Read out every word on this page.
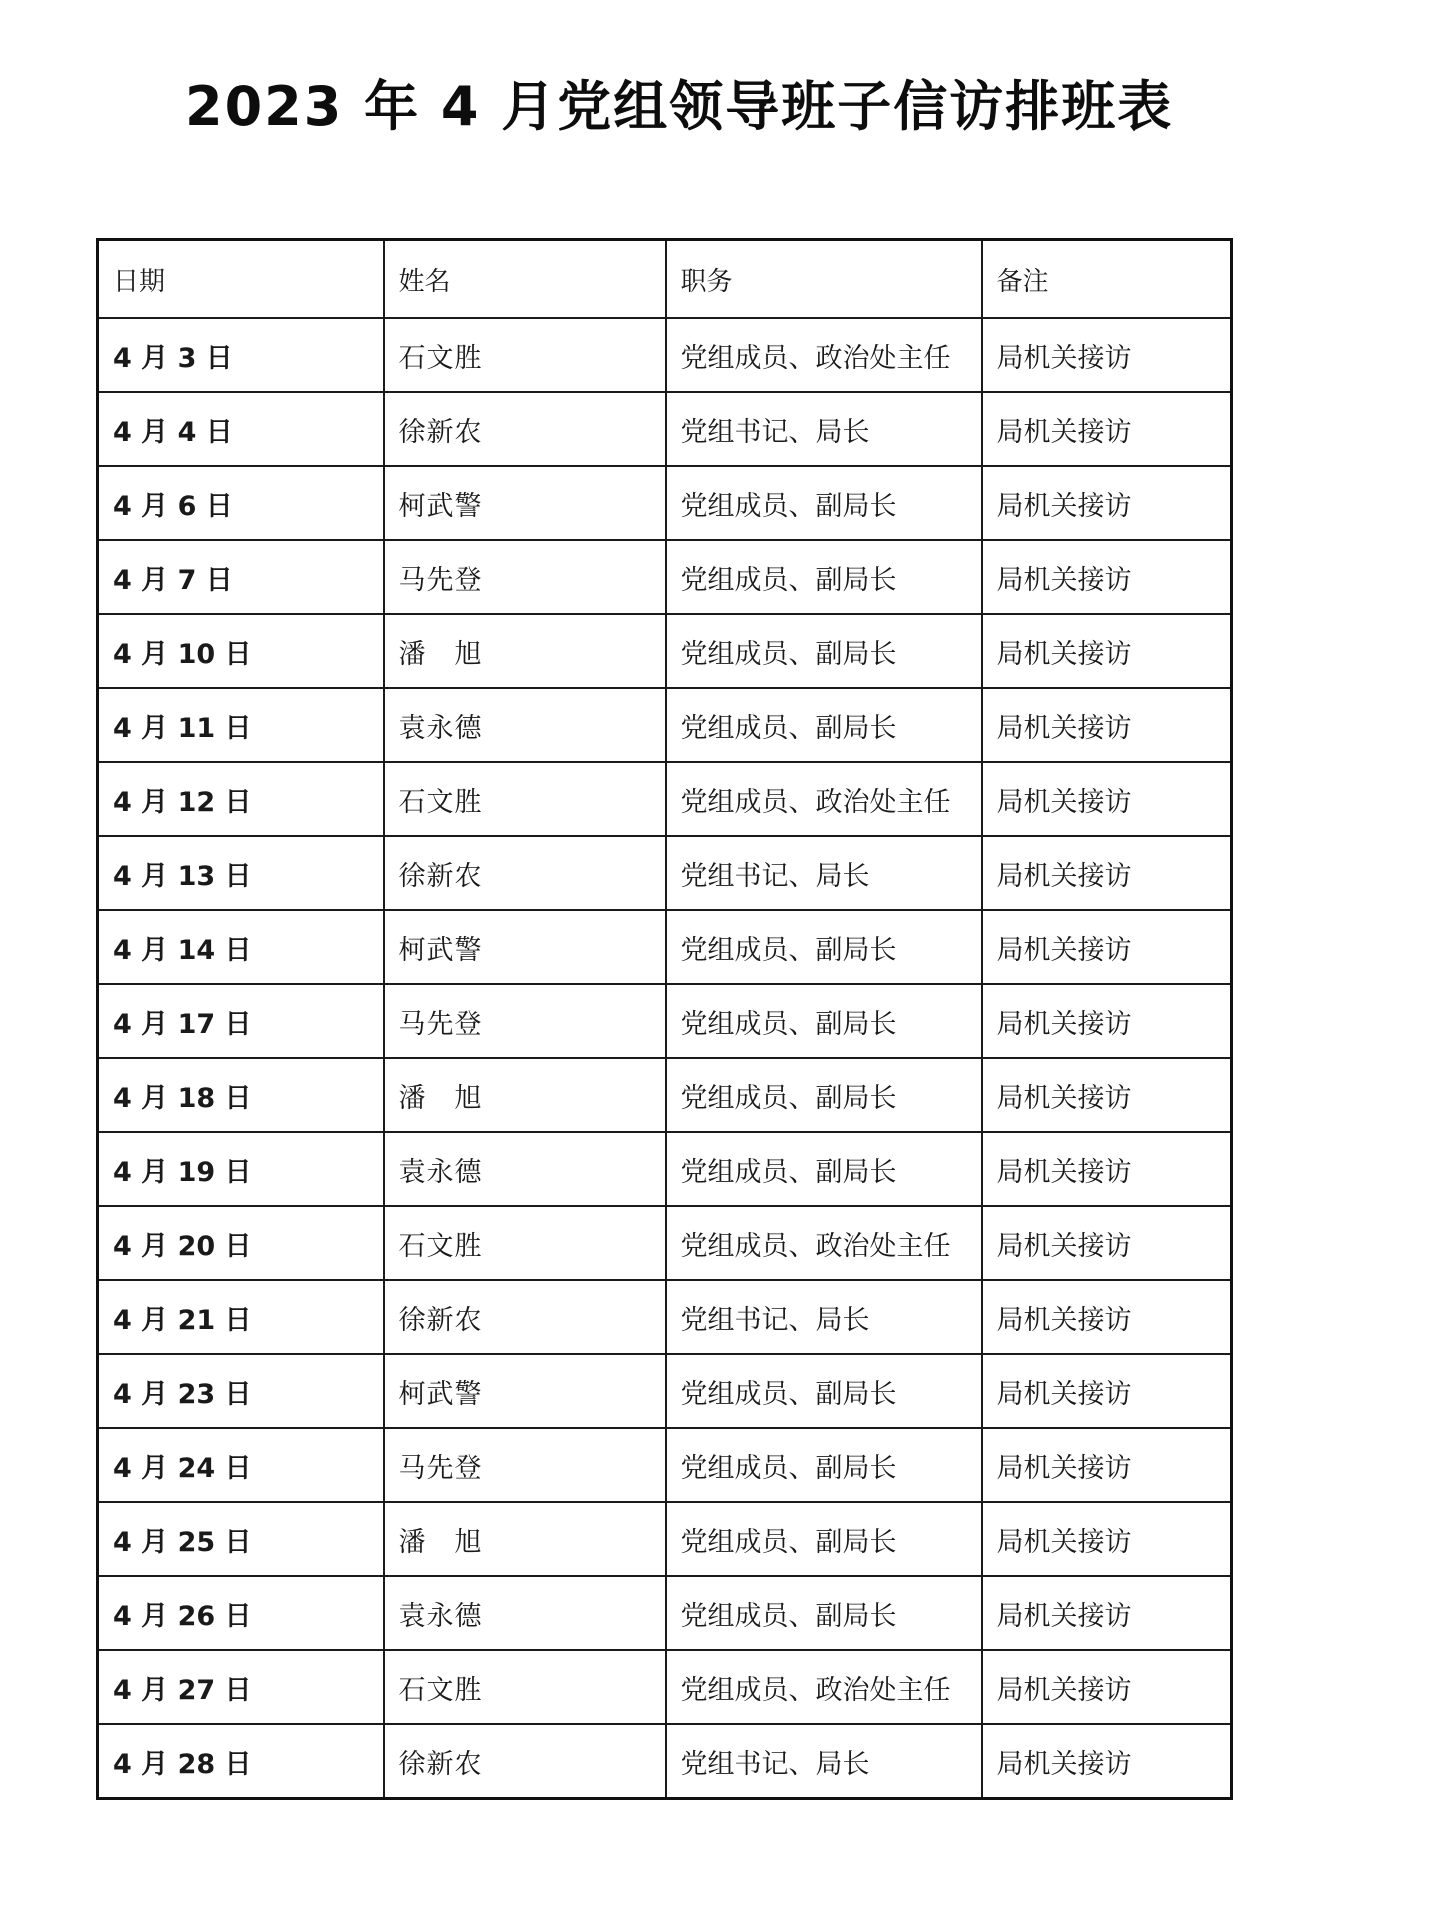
2023 年 4 月党组领导班子信访排班表
日期	姓名	职务	备注
4 月 3 日	石文胜	党组成员、政治处主任	局机关接访
4 月 4 日	徐新农	党组书记、局长	局机关接访
4 月 6 日	柯武警	党组成员、副局长	局机关接访
4 月 7 日	马先登	党组成员、副局长	局机关接访
4 月 10 日	潘　旭	党组成员、副局长	局机关接访
4 月 11 日	袁永德	党组成员、副局长	局机关接访
4 月 12 日	石文胜	党组成员、政治处主任	局机关接访
4 月 13 日	徐新农	党组书记、局长	局机关接访
4 月 14 日	柯武警	党组成员、副局长	局机关接访
4 月 17 日	马先登	党组成员、副局长	局机关接访
4 月 18 日	潘　旭	党组成员、副局长	局机关接访
4 月 19 日	袁永德	党组成员、副局长	局机关接访
4 月 20 日	石文胜	党组成员、政治处主任	局机关接访
4 月 21 日	徐新农	党组书记、局长	局机关接访
4 月 23 日	柯武警	党组成员、副局长	局机关接访
4 月 24 日	马先登	党组成员、副局长	局机关接访
4 月 25 日	潘　旭	党组成员、副局长	局机关接访
4 月 26 日	袁永德	党组成员、副局长	局机关接访
4 月 27 日	石文胜	党组成员、政治处主任	局机关接访
4 月 28 日	徐新农	党组书记、局长	局机关接访
